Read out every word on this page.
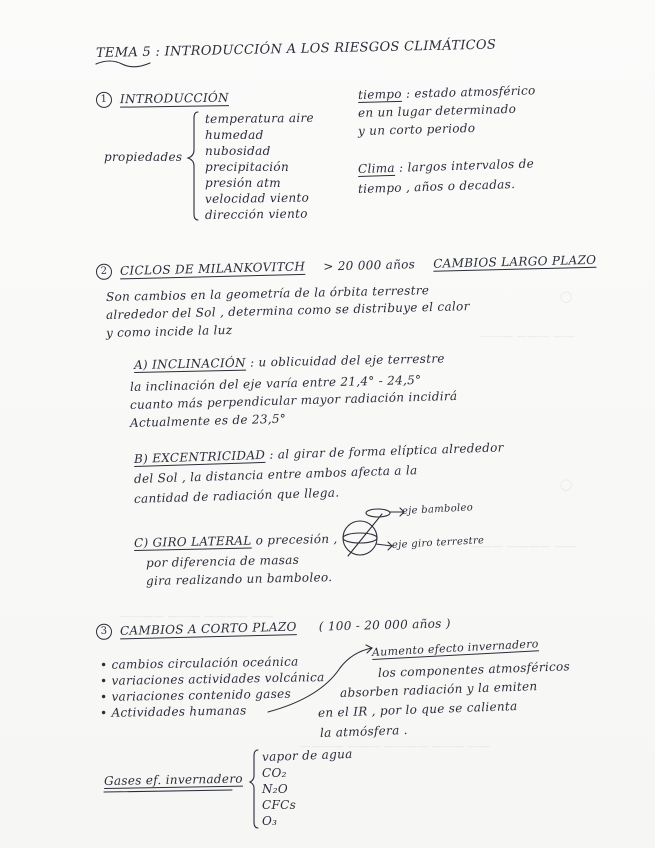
◯
◯
——— ——— ——
——— ———— ——
———— ——— ———— ——
———— ——— ———— ——— ——
TEMA 5 : INTRODUCCIÓN A LOS RIESGOS CLIMÁTICOS
1 INTRODUCCIÓN
propiedades
temperatura aire
humedad
nubosidad
precipitación
presión atm
velocidad viento
dirección viento
tiempo : estado atmosférico
en un lugar determinado
y un corto periodo
Clima : largos intervalos de
tiempo , años o decadas.
2 CICLOS DE MILANKOVITCH > 20 000 años CAMBIOS LARGO PLAZO
Son cambios en la geometría de la órbita terrestre
alrededor del Sol , determina como se distribuye el calor
y como incide la luz
A) INCLINACIÓN : u oblicuidad del eje terrestre
la inclinación del eje varía entre 21,4° - 24,5°
cuanto más perpendicular mayor radiación incidirá
Actualmente es de 23,5°
B) EXCENTRICIDAD : al girar de forma elíptica alrededor
del Sol , la distancia entre ambos afecta a la
cantidad de radiación que llega.
C) GIRO LATERAL o precesión ,
por diferencia de masas
gira realizando un bamboleo.
eje bamboleo
eje giro terrestre
3 CAMBIOS A CORTO PLAZO ( 100 - 20 000 años )
• cambios circulación oceánica
• variaciones actividades volcánica
• variaciones contenido gases
• Actividades humanas
Aumento efecto invernadero
los componentes atmosféricos
absorben radiación y la emiten
en el IR , por lo que se calienta
la atmósfera .
Gases ef. invernadero
vapor de agua
CO₂
N₂O
CFCs
O₃
